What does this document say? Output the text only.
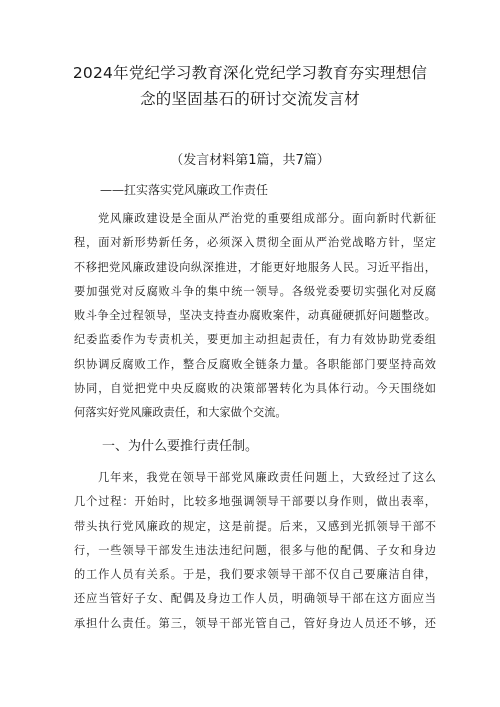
2024年党纪学习教育深化党纪学习教育夯实理想信
念的坚固基石的研讨交流发言材
（发言材料第1篇，共7篇）
——扛实落实党风廉政工作责任
党风廉政建设是全面从严治党的重要组成部分。面向新时代新征
程，面对新形势新任务，必须深入贯彻全面从严治党战略方针，坚定
不移把党风廉政建设向纵深推进，才能更好地服务人民。习近平指出，
要加强党对反腐败斗争的集中统一领导。各级党委要切实强化对反腐
败斗争全过程领导，坚决支持查办腐败案件，动真碰硬抓好问题整改。
纪委监委作为专责机关，要更加主动担起责任，有力有效协助党委组
织协调反腐败工作，整合反腐败全链条力量。各职能部门要坚持高效
协同，自觉把党中央反腐败的决策部署转化为具体行动。今天围绕如
何落实好党风廉政责任，和大家做个交流。
一、为什么要推行责任制。
几年来，我党在领导干部党风廉政责任问题上，大致经过了这么
几个过程：开始时，比较多地强调领导干部要以身作则，做出表率，
带头执行党风廉政的规定，这是前提。后来，又感到光抓领导干部不
行，一些领导干部发生违法违纪问题，很多与他的配偶、子女和身边
的工作人员有关系。于是，我们要求领导干部不仅自己要廉洁自律，
还应当管好子女、配偶及身边工作人员，明确领导干部在这方面应当
承担什么责任。第三，领导干部光管自己，管好身边人员还不够，还
